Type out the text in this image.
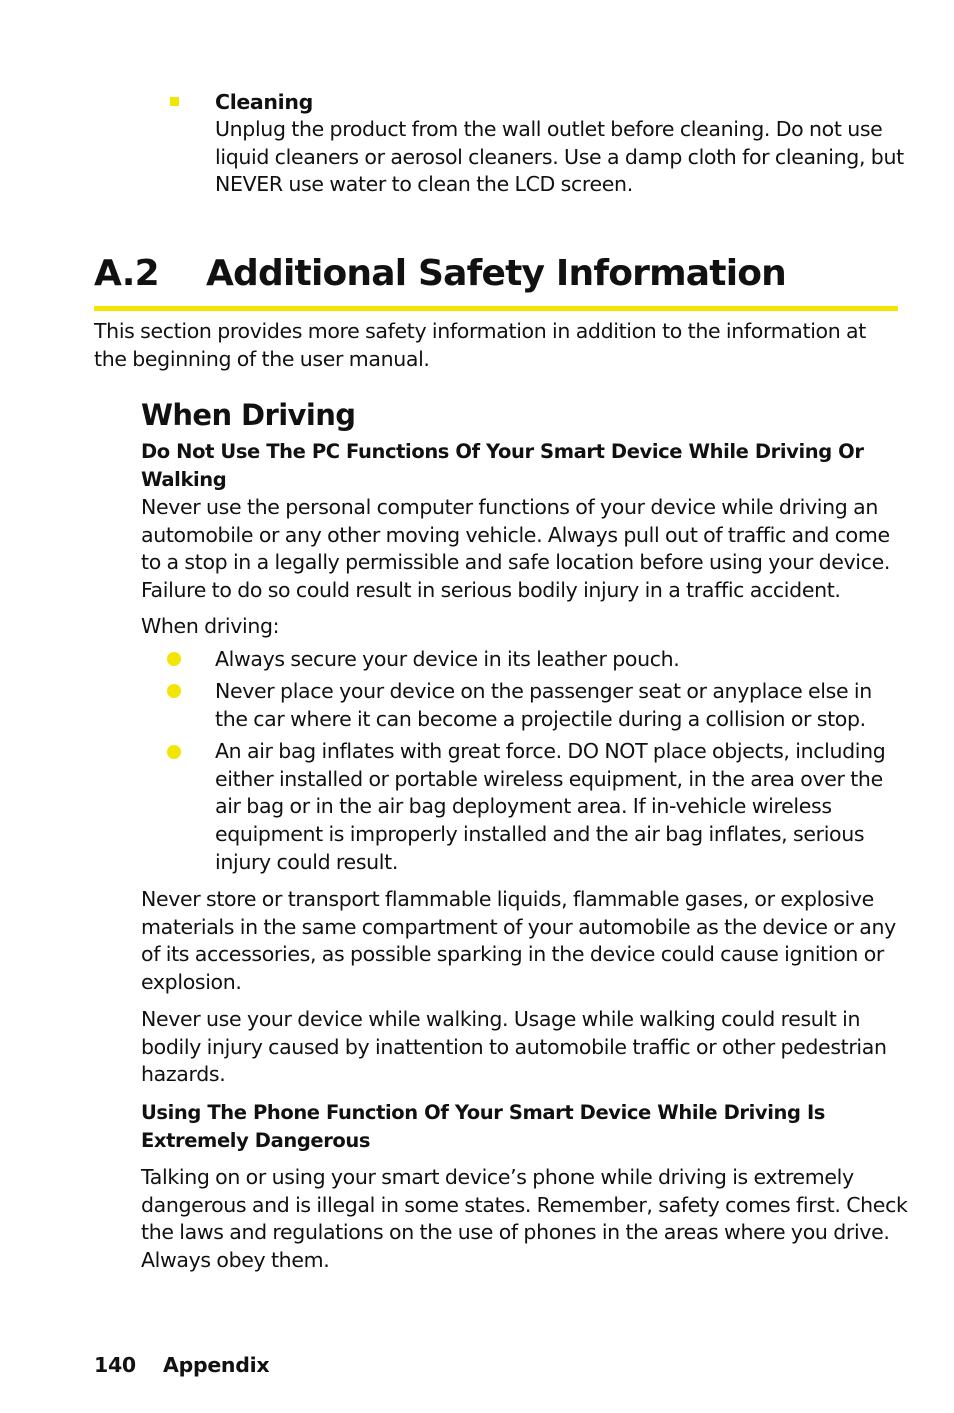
Cleaning
Unplug the product from the wall outlet before cleaning. Do not use liquid cleaners or aerosol cleaners. Use a damp cloth for cleaning, but NEVER use water to clean the LCD screen.
A.2 Additional Safety Information
This section provides more safety information in addition to the information at the beginning of the user manual.
When Driving
Do Not Use The PC Functions Of Your Smart Device While Driving Or Walking
Never use the personal computer functions of your device while driving an automobile or any other moving vehicle. Always pull out of traffic and come to a stop in a legally permissible and safe location before using your device. Failure to do so could result in serious bodily injury in a traffic accident.
When driving:
Always secure your device in its leather pouch.
Never place your device on the passenger seat or anyplace else in the car where it can become a projectile during a collision or stop.
An air bag inflates with great force. DO NOT place objects, including either installed or portable wireless equipment, in the area over the air bag or in the air bag deployment area. If in-vehicle wireless equipment is improperly installed and the air bag inflates, serious injury could result.
Never store or transport flammable liquids, flammable gases, or explosive materials in the same compartment of your automobile as the device or any of its accessories, as possible sparking in the device could cause ignition or explosion.
Never use your device while walking. Usage while walking could result in bodily injury caused by inattention to automobile traffic or other pedestrian hazards.
Using The Phone Function Of Your Smart Device While Driving Is Extremely Dangerous
Talking on or using your smart device’s phone while driving is extremely dangerous and is illegal in some states. Remember, safety comes first. Check the laws and regulations on the use of phones in the areas where you drive. Always obey them.
140 Appendix
